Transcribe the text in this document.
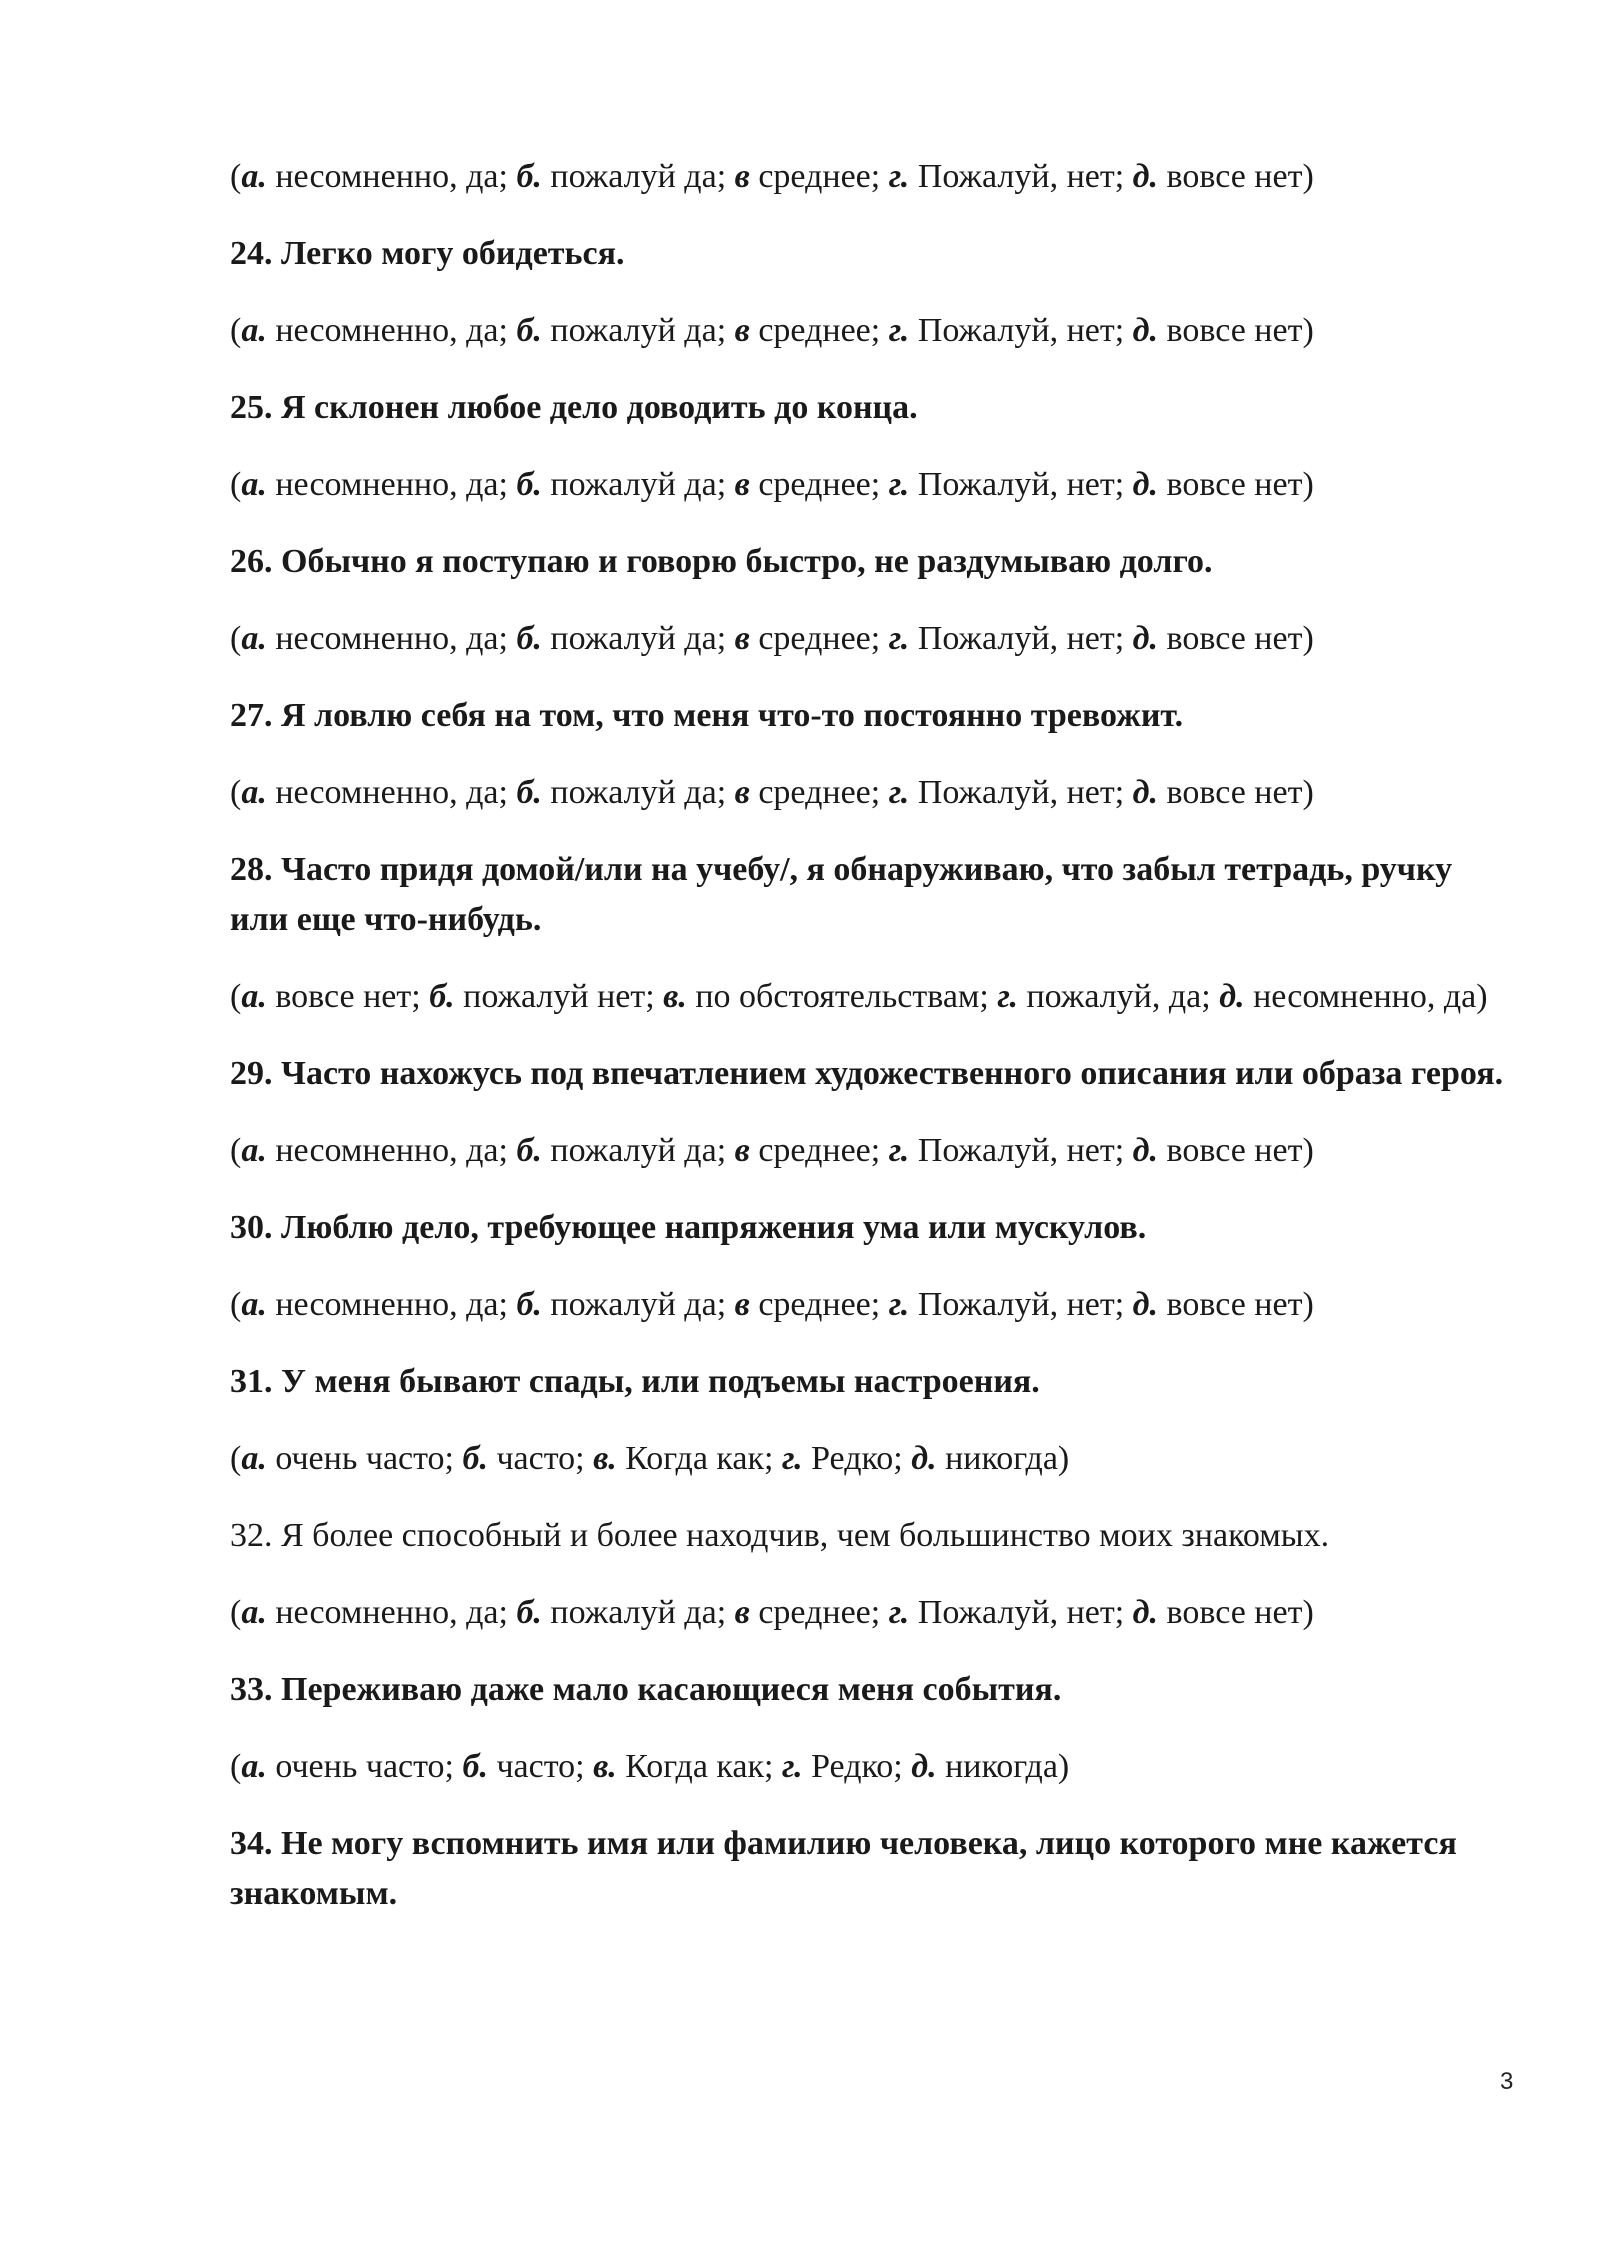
(а. несомненно, да; б. пожалуй да; в среднее; г. Пожалуй, нет; д. вовсе нет)

24. Легко могу обидеться.

(а. несомненно, да; б. пожалуй да; в среднее; г. Пожалуй, нет; д. вовсе нет)

25. Я склонен любое дело доводить до конца.

(а. несомненно, да; б. пожалуй да; в среднее; г. Пожалуй, нет; д. вовсе нет)

26. Обычно я поступаю и говорю быстро, не раздумываю долго.

(а. несомненно, да; б. пожалуй да; в среднее; г. Пожалуй, нет; д. вовсе нет)

27. Я ловлю себя на том, что меня что-то постоянно тревожит.

(а. несомненно, да; б. пожалуй да; в среднее; г. Пожалуй, нет; д. вовсе нет)

28. Часто придя домой/или на учебу/, я обнаруживаю, что забыл тетрадь, ручку или еще что-нибудь.

(а. вовсе нет; б. пожалуй нет; в. по обстоятельствам; г. пожалуй, да; д. несомненно, да)

29. Часто нахожусь под впечатлением художественного описания или образа героя.

(а. несомненно, да; б. пожалуй да; в среднее; г. Пожалуй, нет; д. вовсе нет)

30. Люблю дело, требующее напряжения ума или мускулов.

(а. несомненно, да; б. пожалуй да; в среднее; г. Пожалуй, нет; д. вовсе нет)

31. У меня бывают спады, или подъемы настроения.

(а. очень часто; б. часто; в. Когда как; г. Редко; д. никогда)

32. Я более способный и более находчив, чем большинство моих знакомых.

(а. несомненно, да; б. пожалуй да; в среднее; г. Пожалуй, нет; д. вовсе нет)

33. Переживаю даже мало касающиеся меня события.

(а. очень часто; б. часто; в. Когда как; г. Редко; д. никогда)

34. Не могу вспомнить имя или фамилию человека, лицо которого мне кажется знакомым.

3
